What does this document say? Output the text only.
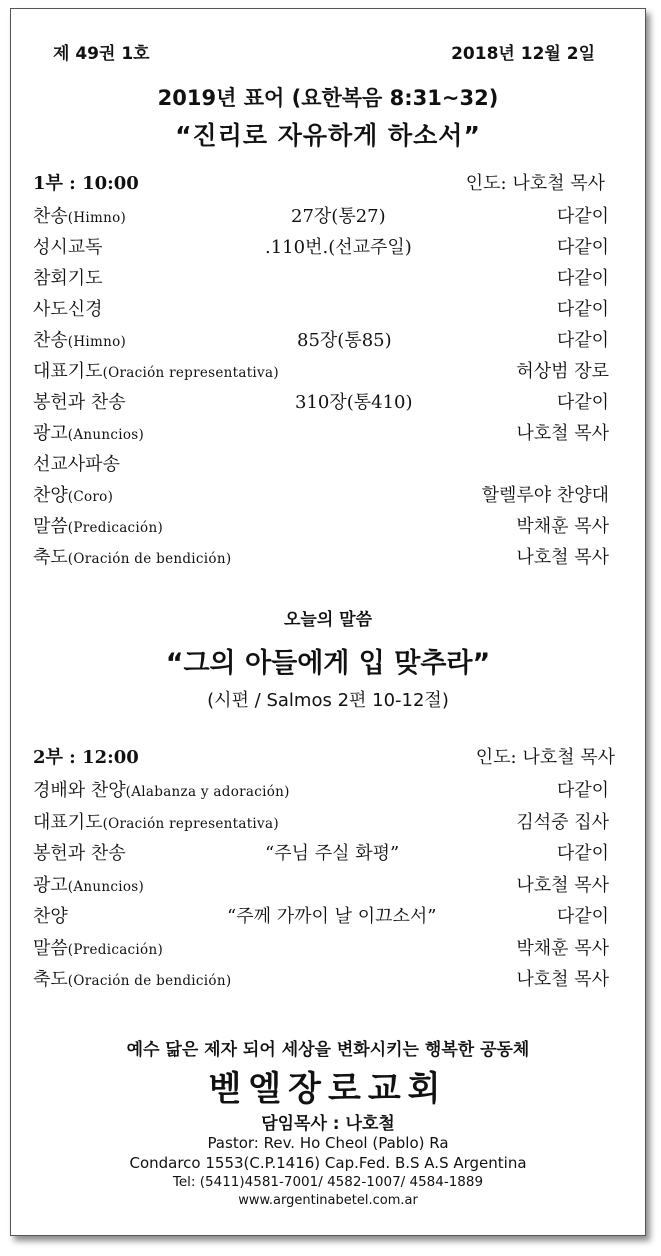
제 49권 1호	2018년 12월 2일
2019년 표어 (요한복음 8:31~32)
“진리로 자유하게 하소서”
1부 : 10:00	인도: 나호철 목사
찬송(Himno)	27장(통27)	다같이
성시교독	.110번.(선교주일)	다같이
참회기도	다같이
사도신경	다같이
찬송(Himno)	85장(통85)	다같이
대표기도(Oración representativa)	허상범 장로
봉헌과 찬송	310장(통410)	다같이
광고(Anuncios)	나호철 목사
선교사파송
찬양(Coro)	할렐루야 찬양대
말씀(Predicación)	박채훈 목사
축도(Oración de bendición)	나호철 목사
오늘의 말씀
“그의 아들에게 입 맞추라”
(시편 / Salmos 2편 10-12절)
2부 : 12:00	인도: 나호철 목사
경배와 찬양(Alabanza y adoración)	다같이
대표기도(Oración representativa)	김석중 집사
봉헌과 찬송	“주님 주실 화평”	다같이
광고(Anuncios)	나호철 목사
찬양	“주께 가까이 날 이끄소서”	다같이
말씀(Predicación)	박채훈 목사
축도(Oración de bendición)	나호철 목사
예수 닮은 제자 되어 세상을 변화시키는 행복한 공동체
벧엘장로교회
담임목사 : 나호철
Pastor: Rev. Ho Cheol (Pablo) Ra
Condarco 1553(C.P.1416) Cap.Fed. B.S A.S Argentina
Tel: (5411)4581-7001/ 4582-1007/ 4584-1889
www.argentinabetel.com.ar
